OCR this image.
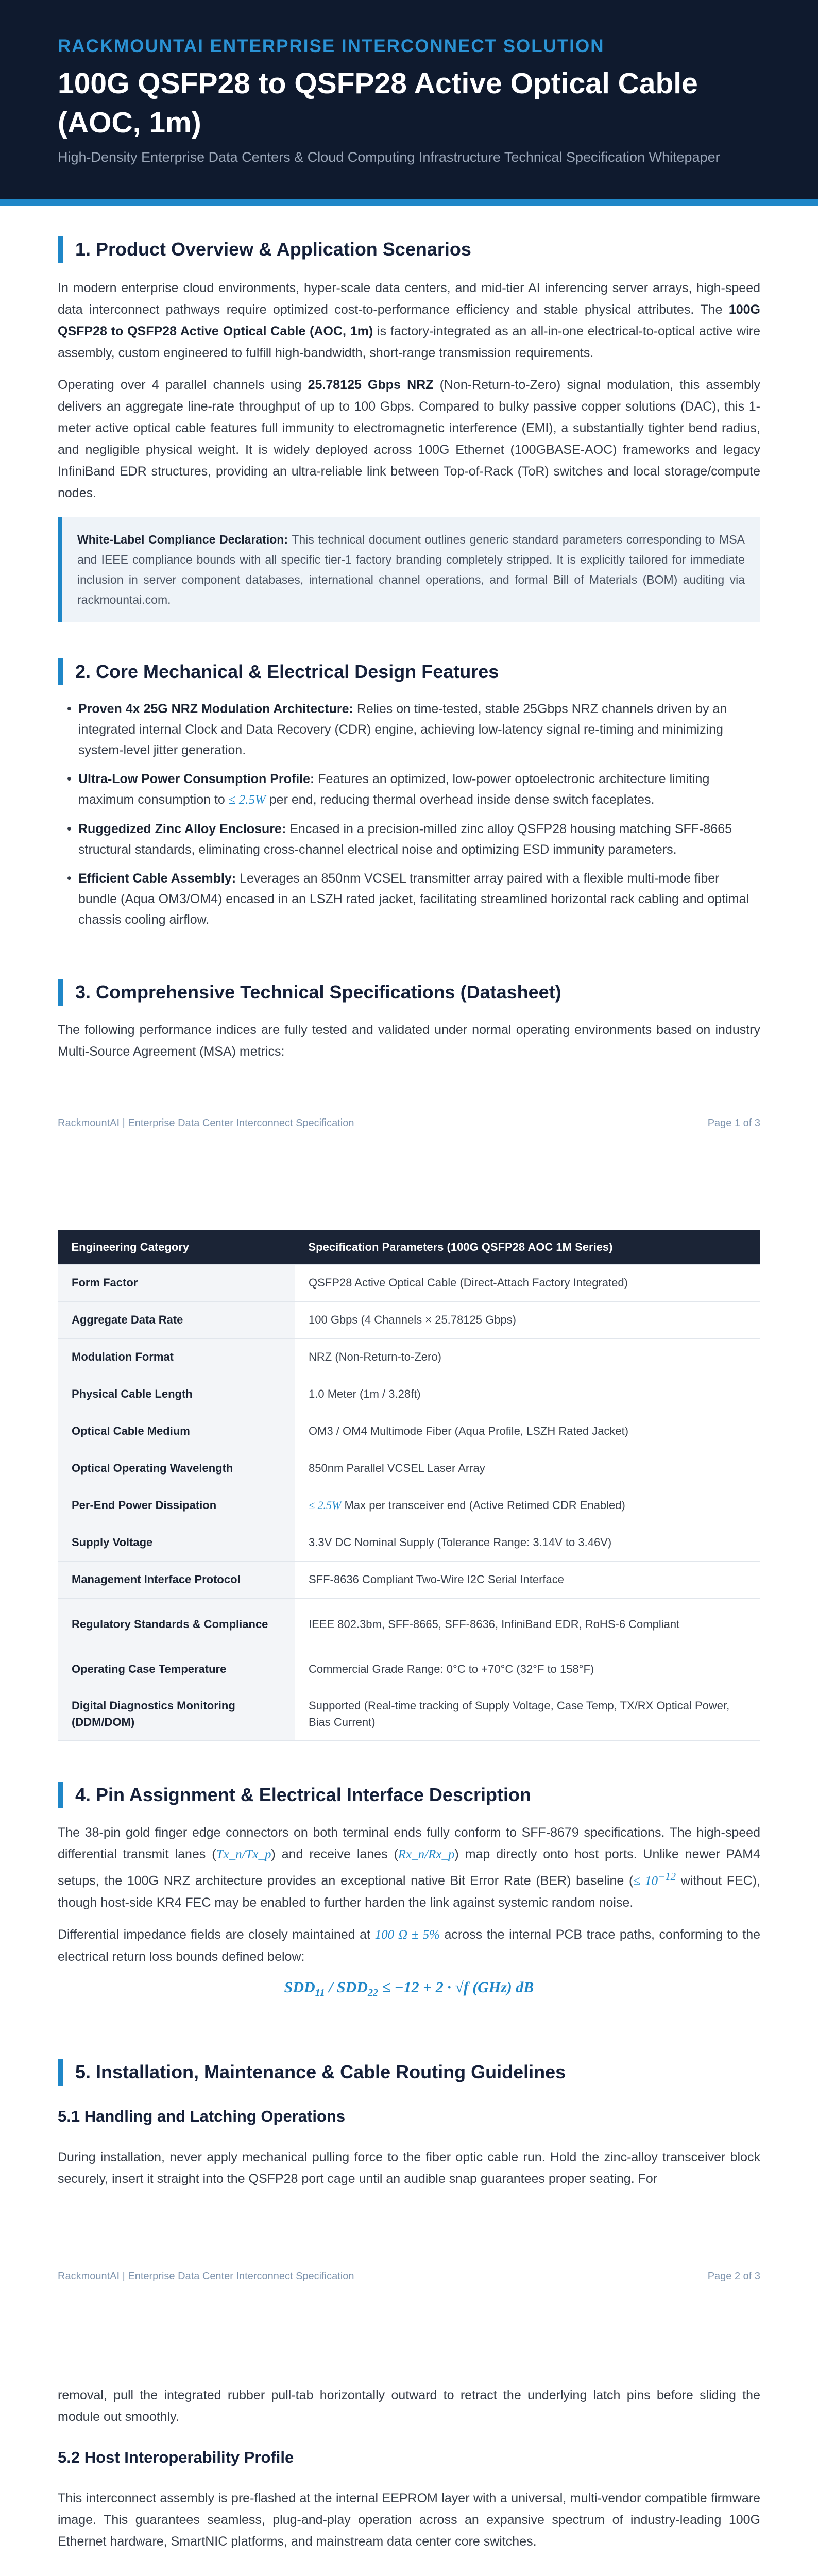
RACKMOUNTAI ENTERPRISE INTERCONNECT SOLUTION
100G QSFP28 to QSFP28 Active Optical Cable (AOC, 1m)
High-Density Enterprise Data Centers & Cloud Computing Infrastructure Technical Specification Whitepaper
1. Product Overview & Application Scenarios

In modern enterprise cloud environments, hyper-scale data centers, and mid-tier AI inferencing server arrays, high-speed data interconnect pathways require optimized cost-to-performance efficiency and stable physical attributes. The 100G QSFP28 to QSFP28 Active Optical Cable (AOC, 1m) is factory-integrated as an all-in-one electrical-to-optical active wire assembly, custom engineered to fulfill high-bandwidth, short-range transmission requirements.

Operating over 4 parallel channels using 25.78125 Gbps NRZ (Non-Return-to-Zero) signal modulation, this assembly delivers an aggregate line-rate throughput of up to 100 Gbps. Compared to bulky passive copper solutions (DAC), this 1-meter active optical cable features full immunity to electromagnetic interference (EMI), a substantially tighter bend radius, and negligible physical weight. It is widely deployed across 100G Ethernet (100GBASE-AOC) frameworks and legacy InfiniBand EDR structures, providing an ultra-reliable link between Top-of-Rack (ToR) switches and local storage/compute nodes.

White-Label Compliance Declaration: This technical document outlines generic standard parameters corresponding to MSA and IEEE compliance bounds with all specific tier-1 factory branding completely stripped. It is explicitly tailored for immediate inclusion in server component databases, international channel operations, and formal Bill of Materials (BOM) auditing via rackmountai.com.
2. Core Mechanical & Electrical Design Features
• Proven 4x 25G NRZ Modulation Architecture: Relies on time-tested, stable 25Gbps NRZ channels driven by an integrated internal Clock and Data Recovery (CDR) engine, achieving low-latency signal re-timing and minimizing system-level jitter generation.
• Ultra-Low Power Consumption Profile: Features an optimized, low-power optoelectronic architecture limiting maximum consumption to ≤ 2.5W per end, reducing thermal overhead inside dense switch faceplates.
• Ruggedized Zinc Alloy Enclosure: Encased in a precision-milled zinc alloy QSFP28 housing matching SFF-8665 structural standards, eliminating cross-channel electrical noise and optimizing ESD immunity parameters.
• Efficient Cable Assembly: Leverages an 850nm VCSEL transmitter array paired with a flexible multi-mode fiber bundle (Aqua OM3/OM4) encased in an LSZH rated jacket, facilitating streamlined horizontal rack cabling and optimal chassis cooling airflow.
3. Comprehensive Technical Specifications (Datasheet)

The following performance indices are fully tested and validated under normal operating environments based on industry Multi-Source Agreement (MSA) metrics:

RackmountAI | Enterprise Data Center Interconnect Specification	Page 1 of 3
Engineering Category	Specification Parameters (100G QSFP28 AOC 1M Series)
Form Factor	QSFP28 Active Optical Cable (Direct-Attach Factory Integrated)
Aggregate Data Rate	100 Gbps (4 Channels × 25.78125 Gbps)
Modulation Format	NRZ (Non-Return-to-Zero)
Physical Cable Length	1.0 Meter (1m / 3.28ft)
Optical Cable Medium	OM3 / OM4 Multimode Fiber (Aqua Profile, LSZH Rated Jacket)
Optical Operating Wavelength	850nm Parallel VCSEL Laser Array
Per-End Power Dissipation	≤ 2.5W Max per transceiver end (Active Retimed CDR Enabled)
Supply Voltage	3.3V DC Nominal Supply (Tolerance Range: 3.14V to 3.46V)
Management Interface Protocol	SFF-8636 Compliant Two-Wire I2C Serial Interface
Regulatory Standards & Compliance	IEEE 802.3bm, SFF-8665, SFF-8636, InfiniBand EDR, RoHS-6 Compliant
Operating Case Temperature	Commercial Grade Range: 0°C to +70°C (32°F to 158°F)
Digital Diagnostics Monitoring (DDM/DOM)	Supported (Real-time tracking of Supply Voltage, Case Temp, TX/RX Optical Power, Bias Current)
4. Pin Assignment & Electrical Interface Description

The 38-pin gold finger edge connectors on both terminal ends fully conform to SFF-8679 specifications. The high-speed differential transmit lanes (Tx_n/Tx_p) and receive lanes (Rx_n/Rx_p) map directly onto host ports. Unlike newer PAM4 setups, the 100G NRZ architecture provides an exceptional native Bit Error Rate (BER) baseline (≤ $10^{-12}$ without FEC), though host-side KR4 FEC may be enabled to further harden the link against systemic random noise.

Differential impedance fields are closely maintained at 100 Ω ± 5% across the internal PCB trace paths, conforming to the electrical return loss bounds defined below:

$SDD_{11} / SDD_{22} \le -12 + 2 \cdot √f$ (GHz) dB
5. Installation, Maintenance & Cable Routing Guidelines
5.1 Handling and Latching Operations

During installation, never apply mechanical pulling force to the fiber optic cable run. Hold the zinc-alloy transceiver block securely, insert it straight into the QSFP28 port cage until an audible snap guarantees proper seating. For

RackmountAI | Enterprise Data Center Interconnect Specification	Page 2 of 3

removal, pull the integrated rubber pull-tab horizontally outward to retract the underlying latch pins before sliding the module out smoothly.

5.2 Host Interoperability Profile

This interconnect assembly is pre-flashed at the internal EEPROM layer with a universal, multi-vendor compatible firmware image. This guarantees seamless, plug-and-play operation across an expansive spectrum of industry-leading 100G Ethernet hardware, SmartNIC platforms, and mainstream data center core switches.
